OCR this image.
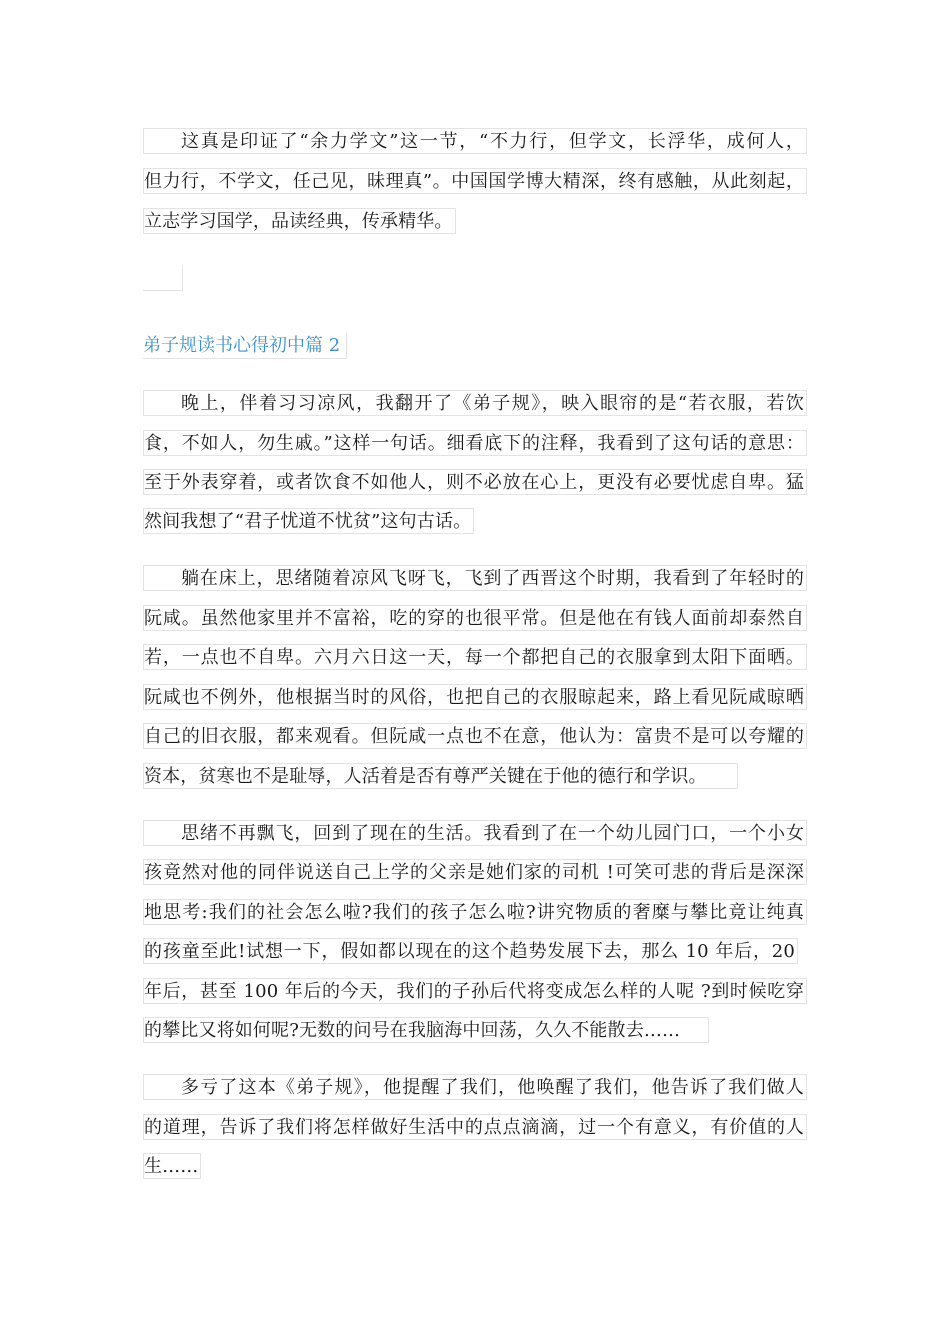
这真是印证了“余力学文”这一节，“不力行，但学文，长浮华，成何人，
但力行，不学文，任己见，昧理真”。中国国学博大精深，终有感触，从此刻起，
立志学习国学，品读经典，传承精华。
弟子规读书心得初中篇 2
晚上，伴着习习凉风，我翻开了《弟子规》，映入眼帘的是“若衣服，若饮
食，不如人，勿生戚。”这样一句话。细看底下的注释，我看到了这句话的意思：
至于外表穿着，或者饮食不如他人，则不必放在心上，更没有必要忧虑自卑。猛
然间我想了“君子忧道不忧贫”这句古话。
躺在床上，思绪随着凉风飞呀飞，飞到了西晋这个时期，我看到了年轻时的
阮咸。虽然他家里并不富裕，吃的穿的也很平常。但是他在有钱人面前却泰然自
若，一点也不自卑。六月六日这一天，每一个都把自己的衣服拿到太阳下面晒。
阮咸也不例外，他根据当时的风俗，也把自己的衣服晾起来，路上看见阮咸晾晒
自己的旧衣服，都来观看。但阮咸一点也不在意，他认为：富贵不是可以夸耀的
资本，贫寒也不是耻辱，人活着是否有尊严关键在于他的德行和学识。
思绪不再飘飞，回到了现在的生活。我看到了在一个幼儿园门口，一个小女
孩竟然对他的同伴说送自己上学的父亲是她们家的司机 !可笑可悲的背后是深深
地思考:我们的社会怎么啦?我们的孩子怎么啦?讲究物质的奢糜与攀比竟让纯真
的孩童至此!试想一下，假如都以现在的这个趋势发展下去，那么 10 年后，20
年后，甚至 100 年后的今天，我们的子孙后代将变成怎么样的人呢 ?到时候吃穿
的攀比又将如何呢?无数的问号在我脑海中回荡，久久不能散去……
多亏了这本《弟子规》，他提醒了我们，他唤醒了我们，他告诉了我们做人
的道理，告诉了我们将怎样做好生活中的点点滴滴，过一个有意义，有价值的人
生……
